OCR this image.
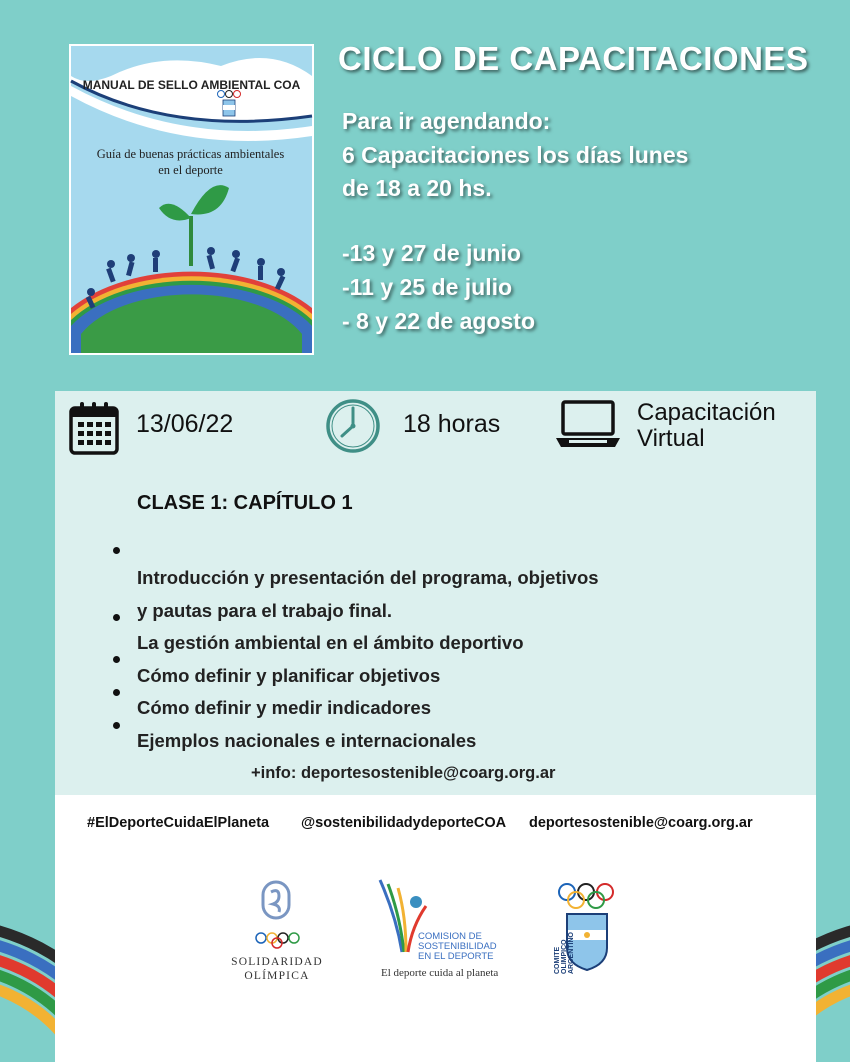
MANUAL DE SELLO AMBIENTAL COA
Guía de buenas prácticas ambientales
en el deporte
CICLO DE CAPACITACIONES
Para ir agendando:
6 Capacitaciones los días lunes
de 18 a 20 hs.
-13 y 27 de junio
-11 y 25 de julio
- 8 y 22 de agosto
13/06/22	18 horas	Capacitación
Virtual
CLASE 1: CAPÍTULO 1
Introducción y presentación del programa, objetivos
y pautas para el trabajo final.
La gestión ambiental en el ámbito deportivo
Cómo definir y planificar objetivos
Cómo definir y medir indicadores
Ejemplos nacionales e internacionales
+info: deportesostenible@coarg.org.ar
#ElDeporteCuidaElPlaneta @sostenibilidadydeporteCOA deportesostenible@coarg.org.ar
SOLIDARIDAD
OLÍMPICA
COMISION DE
SOSTENIBILIDAD
EN EL DEPORTE
El deporte cuida al planeta	COMITE OLIMPICO ARGENTINO
